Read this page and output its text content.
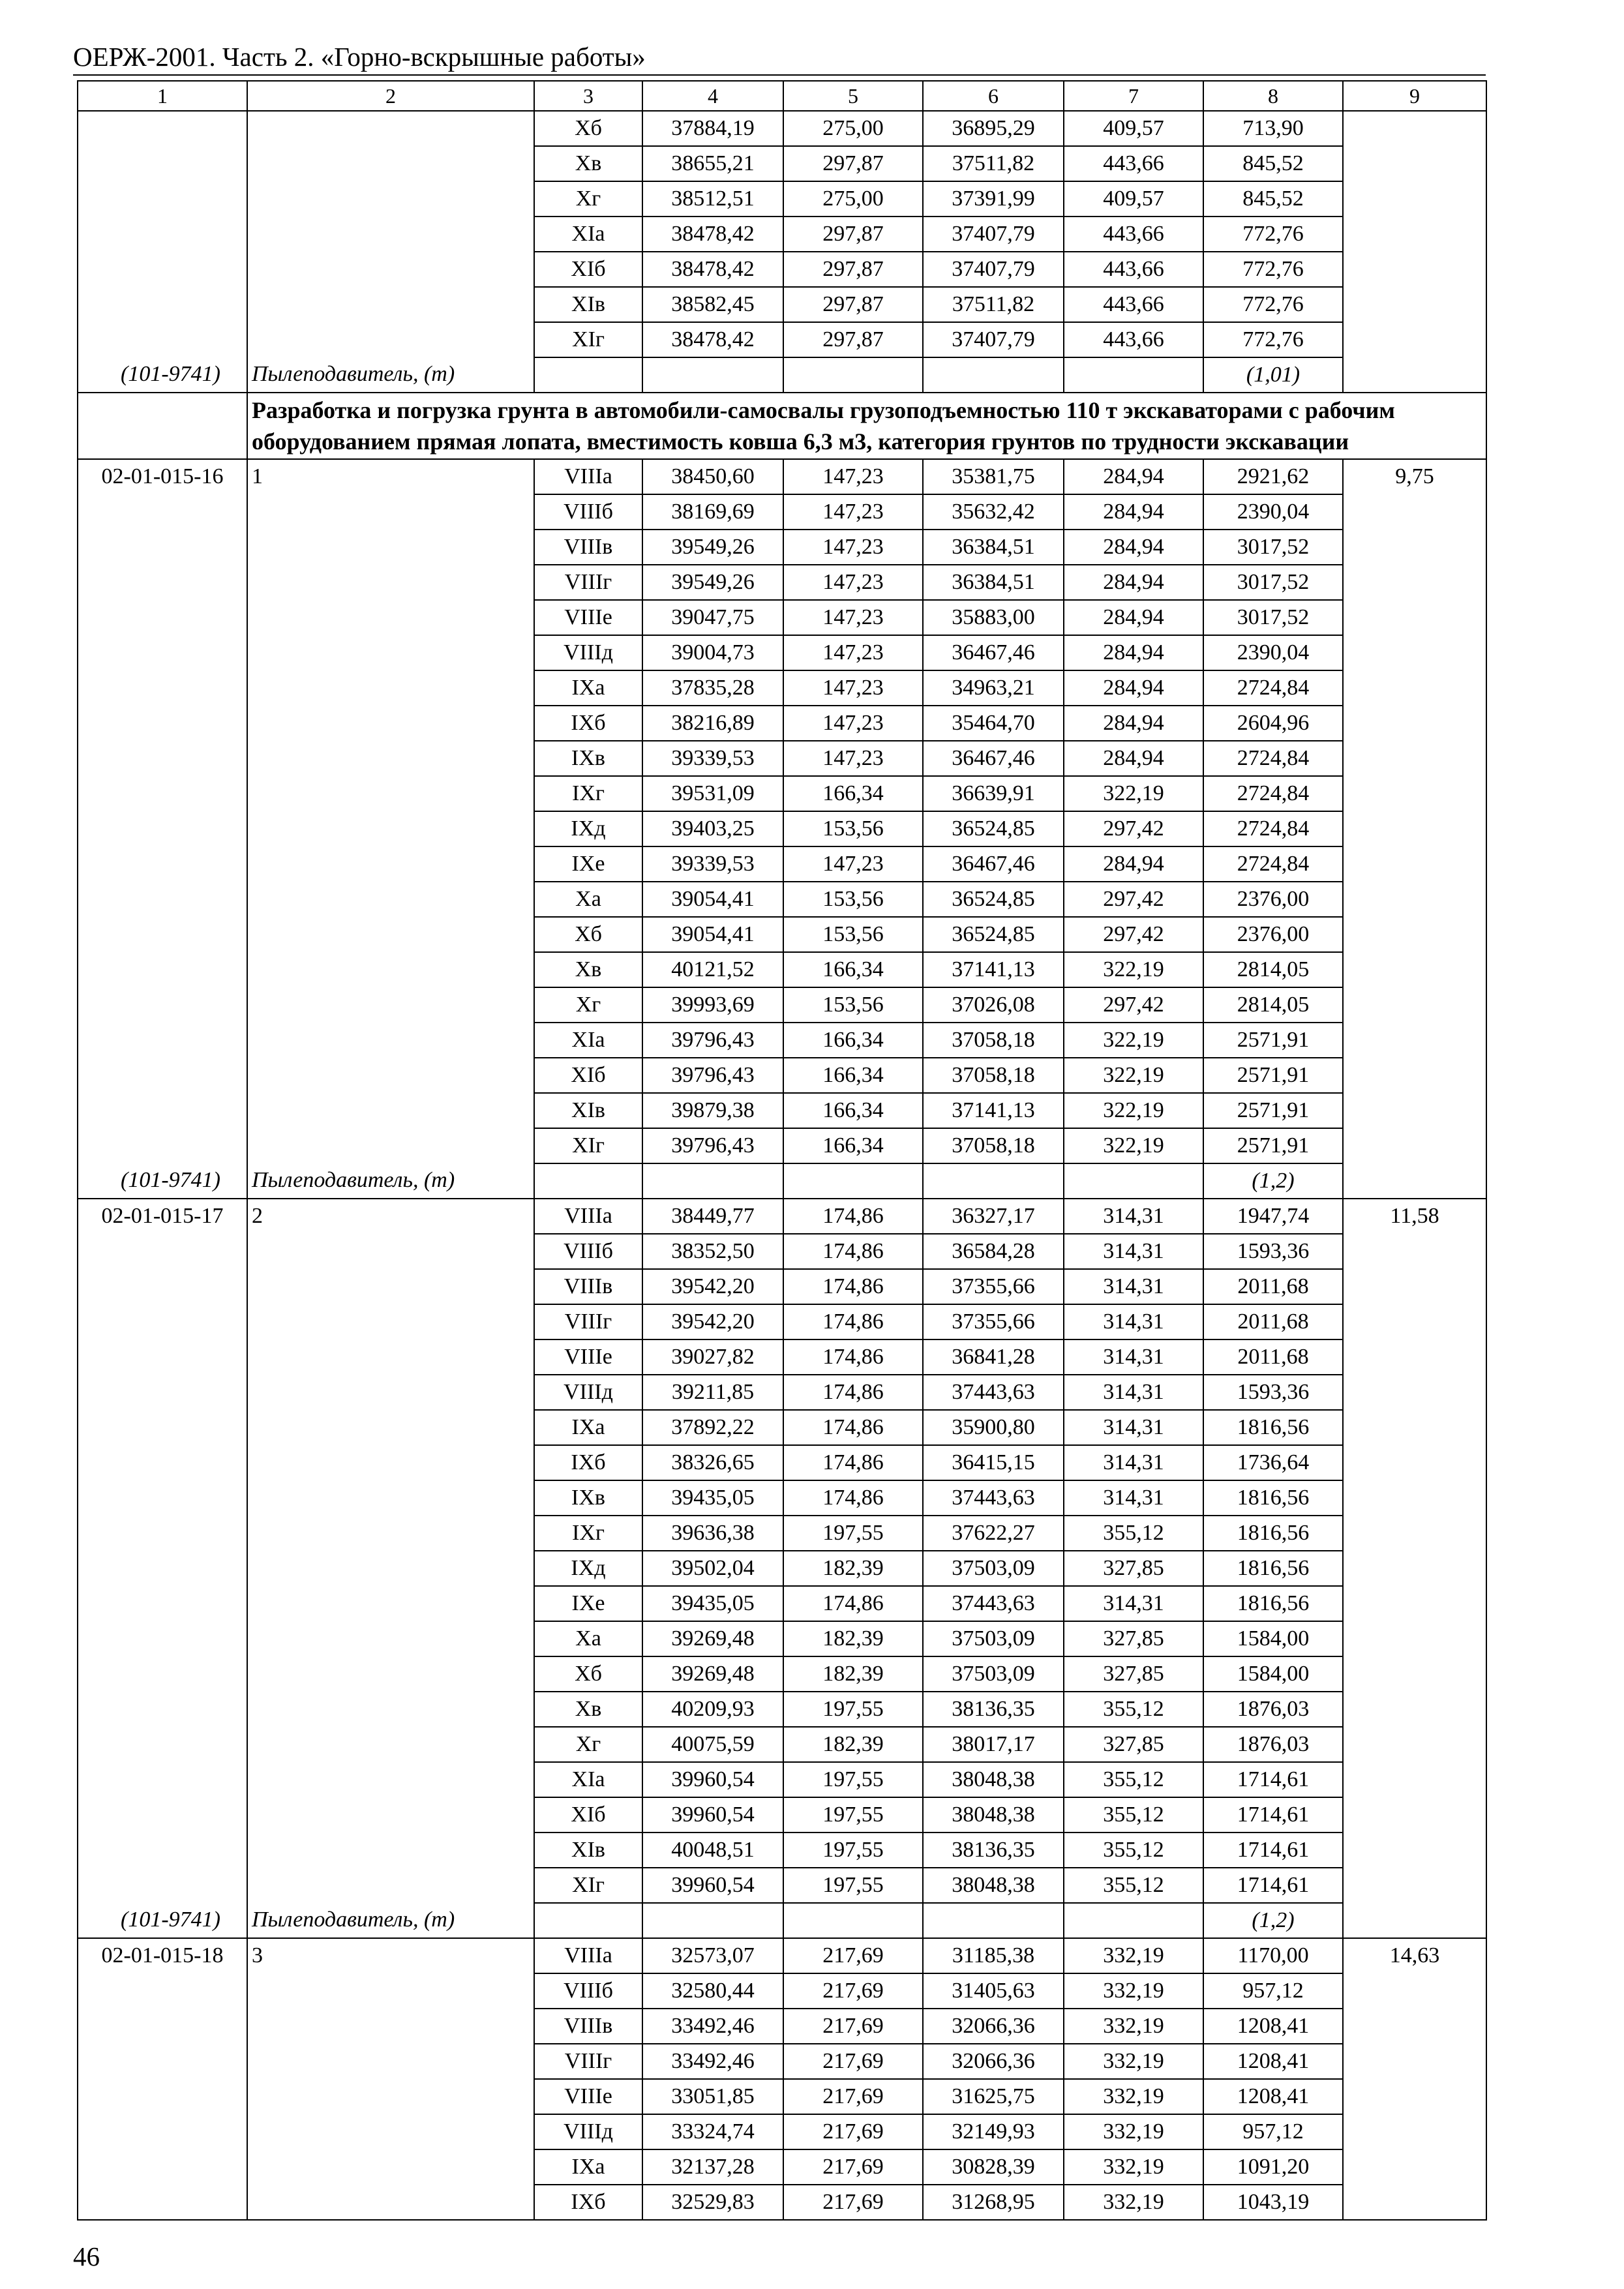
ОЕРЖ-2001. Часть 2. «Горно-вскрышные работы»
1	2	3	4	5	6	7	8	9
		Xб	37884,19	275,00	36895,29	409,57	713,90	
		Xв	38655,21	297,87	37511,82	443,66	845,52	
		Xг	38512,51	275,00	37391,99	409,57	845,52	
		XIа	38478,42	297,87	37407,79	443,66	772,76	
		XIб	38478,42	297,87	37407,79	443,66	772,76	
		XIв	38582,45	297,87	37511,82	443,66	772,76	
		XIг	38478,42	297,87	37407,79	443,66	772,76	
(101-9741)	Пылеподавитель, (т)						(1,01)	
	Разработка и погрузка грунта в автомобили-самосвалы грузоподъемностью 110 т экскаваторами с рабочим оборудованием прямая лопата, вместимость ковша 6,3 м3, категория грунтов по трудности экскавации							
02-01-015-16	1	VIIIа	38450,60	147,23	35381,75	284,94	2921,62	9,75
		VIIIб	38169,69	147,23	35632,42	284,94	2390,04	
		VIIIв	39549,26	147,23	36384,51	284,94	3017,52	
		VIIIг	39549,26	147,23	36384,51	284,94	3017,52	
		VIIIе	39047,75	147,23	35883,00	284,94	3017,52	
		VIIIд	39004,73	147,23	36467,46	284,94	2390,04	
		IXа	37835,28	147,23	34963,21	284,94	2724,84	
		IXб	38216,89	147,23	35464,70	284,94	2604,96	
		IXв	39339,53	147,23	36467,46	284,94	2724,84	
		IXг	39531,09	166,34	36639,91	322,19	2724,84	
		IXд	39403,25	153,56	36524,85	297,42	2724,84	
		IXе	39339,53	147,23	36467,46	284,94	2724,84	
		Xа	39054,41	153,56	36524,85	297,42	2376,00	
		Xб	39054,41	153,56	36524,85	297,42	2376,00	
		Xв	40121,52	166,34	37141,13	322,19	2814,05	
		Xг	39993,69	153,56	37026,08	297,42	2814,05	
		XIа	39796,43	166,34	37058,18	322,19	2571,91	
		XIб	39796,43	166,34	37058,18	322,19	2571,91	
		XIв	39879,38	166,34	37141,13	322,19	2571,91	
		XIг	39796,43	166,34	37058,18	322,19	2571,91	
(101-9741)	Пылеподавитель, (т)						(1,2)	
02-01-015-17	2	VIIIа	38449,77	174,86	36327,17	314,31	1947,74	11,58
		VIIIб	38352,50	174,86	36584,28	314,31	1593,36	
		VIIIв	39542,20	174,86	37355,66	314,31	2011,68	
		VIIIг	39542,20	174,86	37355,66	314,31	2011,68	
		VIIIе	39027,82	174,86	36841,28	314,31	2011,68	
		VIIIд	39211,85	174,86	37443,63	314,31	1593,36	
		IXа	37892,22	174,86	35900,80	314,31	1816,56	
		IXб	38326,65	174,86	36415,15	314,31	1736,64	
		IXв	39435,05	174,86	37443,63	314,31	1816,56	
		IXг	39636,38	197,55	37622,27	355,12	1816,56	
		IXд	39502,04	182,39	37503,09	327,85	1816,56	
		IXе	39435,05	174,86	37443,63	314,31	1816,56	
		Xа	39269,48	182,39	37503,09	327,85	1584,00	
		Xб	39269,48	182,39	37503,09	327,85	1584,00	
		Xв	40209,93	197,55	38136,35	355,12	1876,03	
		Xг	40075,59	182,39	38017,17	327,85	1876,03	
		XIа	39960,54	197,55	38048,38	355,12	1714,61	
		XIб	39960,54	197,55	38048,38	355,12	1714,61	
		XIв	40048,51	197,55	38136,35	355,12	1714,61	
		XIг	39960,54	197,55	38048,38	355,12	1714,61	
(101-9741)	Пылеподавитель, (т)						(1,2)	
02-01-015-18	3	VIIIа	32573,07	217,69	31185,38	332,19	1170,00	14,63
		VIIIб	32580,44	217,69	31405,63	332,19	957,12	
		VIIIв	33492,46	217,69	32066,36	332,19	1208,41	
		VIIIг	33492,46	217,69	32066,36	332,19	1208,41	
		VIIIе	33051,85	217,69	31625,75	332,19	1208,41	
		VIIIд	33324,74	217,69	32149,93	332,19	957,12	
		IXа	32137,28	217,69	30828,39	332,19	1091,20	
		IXб	32529,83	217,69	31268,95	332,19	1043,19	
46
